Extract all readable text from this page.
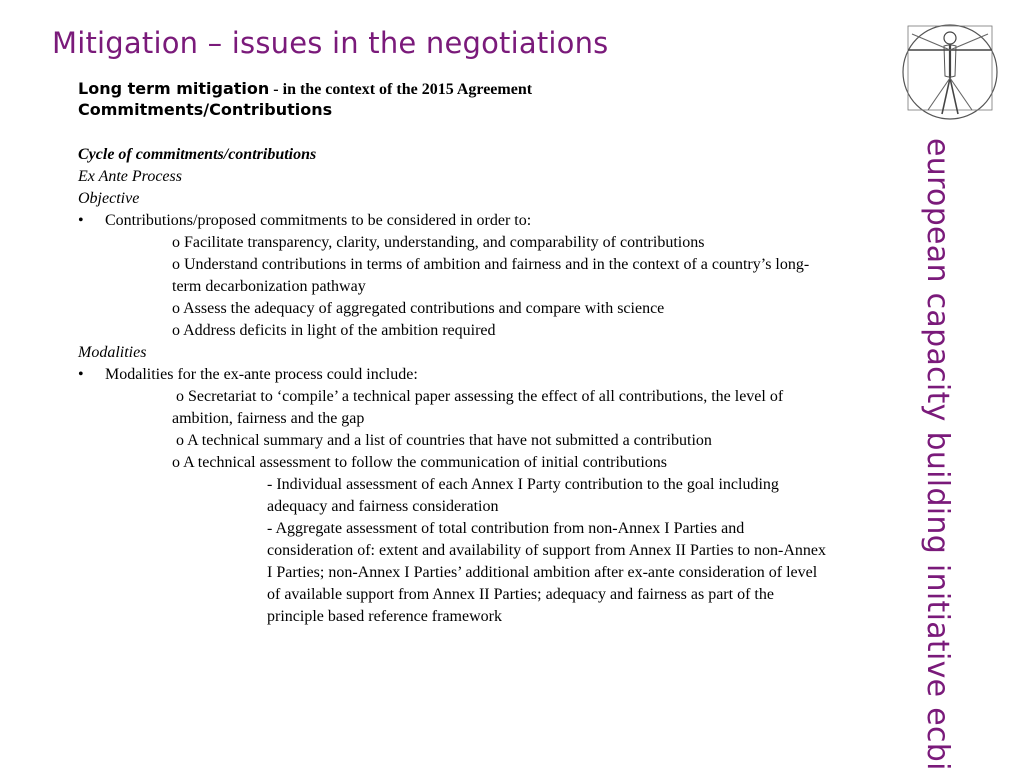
Mitigation – issues in the negotiations
european capacity building initiative ecbi
Long term mitigation - in the context of the 2015 Agreement
Commitments/Contributions
Cycle of commitments/contributions
Ex Ante Process
Objective
• Contributions/proposed commitments to be considered in order to:
o Facilitate transparency, clarity, understanding, and comparability of contributions
o Understand contributions in terms of ambition and fairness and in the context of a country’s long-
term decarbonization pathway
o Assess the adequacy of aggregated contributions and compare with science
o Address deficits in light of the ambition required
Modalities
• Modalities for the ex-ante process could include:
o Secretariat to ‘compile’ a technical paper assessing the effect of all contributions, the level of
ambition, fairness and the gap
o A technical summary and a list of countries that have not submitted a contribution
o A technical assessment to follow the communication of initial contributions
- Individual assessment of each Annex I Party contribution to the goal including
adequacy and fairness consideration
- Aggregate assessment of total contribution from non-Annex I Parties and
consideration of: extent and availability of support from Annex II Parties to non-Annex
I Parties; non-Annex I Parties’ additional ambition after ex-ante consideration of level
of available support from Annex II Parties; adequacy and fairness as part of the
principle based reference framework
